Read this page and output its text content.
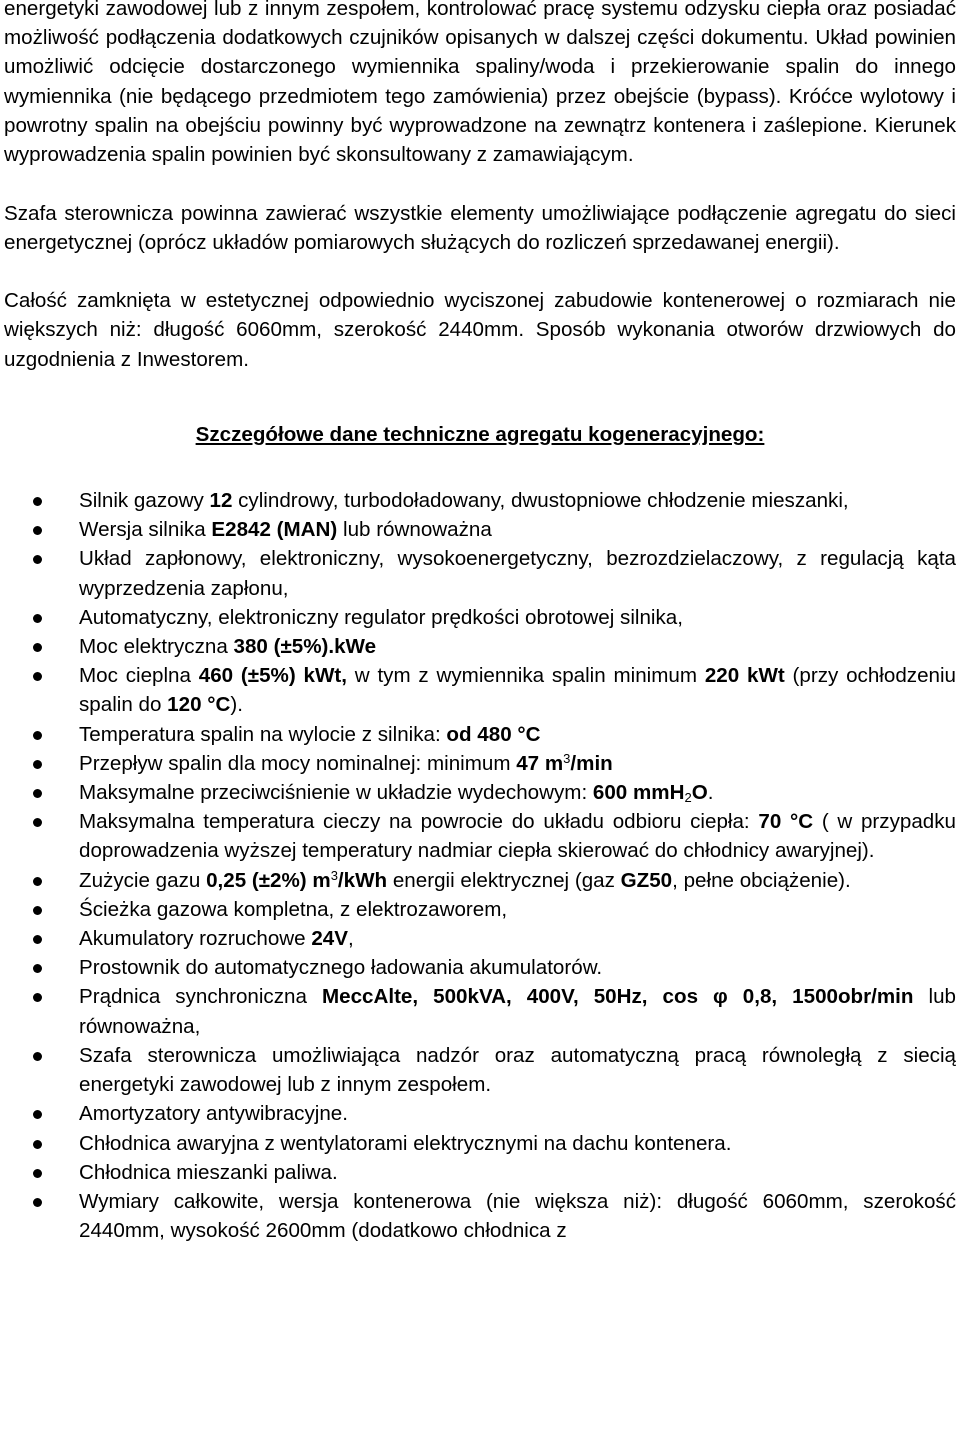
energetyki zawodowej lub z innym zespołem, kontrolować pracę systemu odzysku ciepła oraz posiadać możliwość podłączenia dodatkowych czujników opisanych w dalszej części dokumentu. Układ powinien umożliwić odcięcie dostarczonego wymiennika spaliny/woda i przekierowanie spalin do innego wymiennika (nie będącego przedmiotem tego zamówienia) przez obejście (bypass). Króćce wylotowy i powrotny spalin na obejściu powinny być wyprowadzone na zewnątrz kontenera i zaślepione. Kierunek wyprowadzenia spalin powinien być skonsultowany z zamawiającym.

Szafa sterownicza powinna zawierać wszystkie elementy umożliwiające podłączenie agregatu do sieci energetycznej (oprócz układów pomiarowych służących do rozliczeń sprzedawanej energii).

Całość zamknięta w estetycznej odpowiednio wyciszonej zabudowie kontenerowej o rozmiarach nie większych niż: długość 6060mm, szerokość 2440mm. Sposób wykonania otworów drzwiowych do uzgodnienia z Inwestorem.

Szczegółowe dane techniczne agregatu kogeneracyjnego:
Silnik gazowy 12 cylindrowy, turbodoładowany, dwustopniowe chłodzenie mieszanki,
Wersja silnika E2842 (MAN) lub równoważna
Układ zapłonowy, elektroniczny, wysokoenergetyczny, bezrozdzielaczowy, z regulacją kąta wyprzedzenia zapłonu,
Automatyczny, elektroniczny regulator prędkości obrotowej silnika,
Moc elektryczna 380 (±5%).kWe
Moc cieplna 460 (±5%) kWt, w tym z wymiennika spalin minimum 220 kWt (przy ochłodzeniu spalin do 120 °C).
Temperatura spalin na wylocie z silnika: od 480 °C
Przepływ spalin dla mocy nominalnej: minimum 47 $m^3/\min$
Maksymalne przeciwciśnienie w układzie wydechowym: 600 mmH$_2$O.
Maksymalna temperatura cieczy na powrocie do układu odbioru ciepła: 70 °C ( w przypadku doprowadzenia wyższej temperatury nadmiar ciepła skierować do chłodnicy awaryjnej).
Zużycie gazu 0,25 (±2%) $m^3$/kWh energii elektrycznej (gaz GZ50, pełne obciążenie).
Ścieżka gazowa kompletna, z elektrozaworem,
Akumulatory rozruchowe 24V,
Prostownik do automatycznego ładowania akumulatorów.
Prądnica synchroniczna MeccAlte, 500kVA, 400V, 50Hz, cos φ 0,8, 1500obr/min lub równoważna,
Szafa sterownicza umożliwiająca nadzór oraz automatyczną pracą równoległą z siecią energetyki zawodowej lub z innym zespołem.
Amortyzatory antywibracyjne.
Chłodnica awaryjna z wentylatorami elektrycznymi na dachu kontenera.
Chłodnica mieszanki paliwa.
Wymiary całkowite, wersja kontenerowa (nie większa niż): długość 6060mm, szerokość 2440mm, wysokość 2600mm (dodatkowo chłodnica z
